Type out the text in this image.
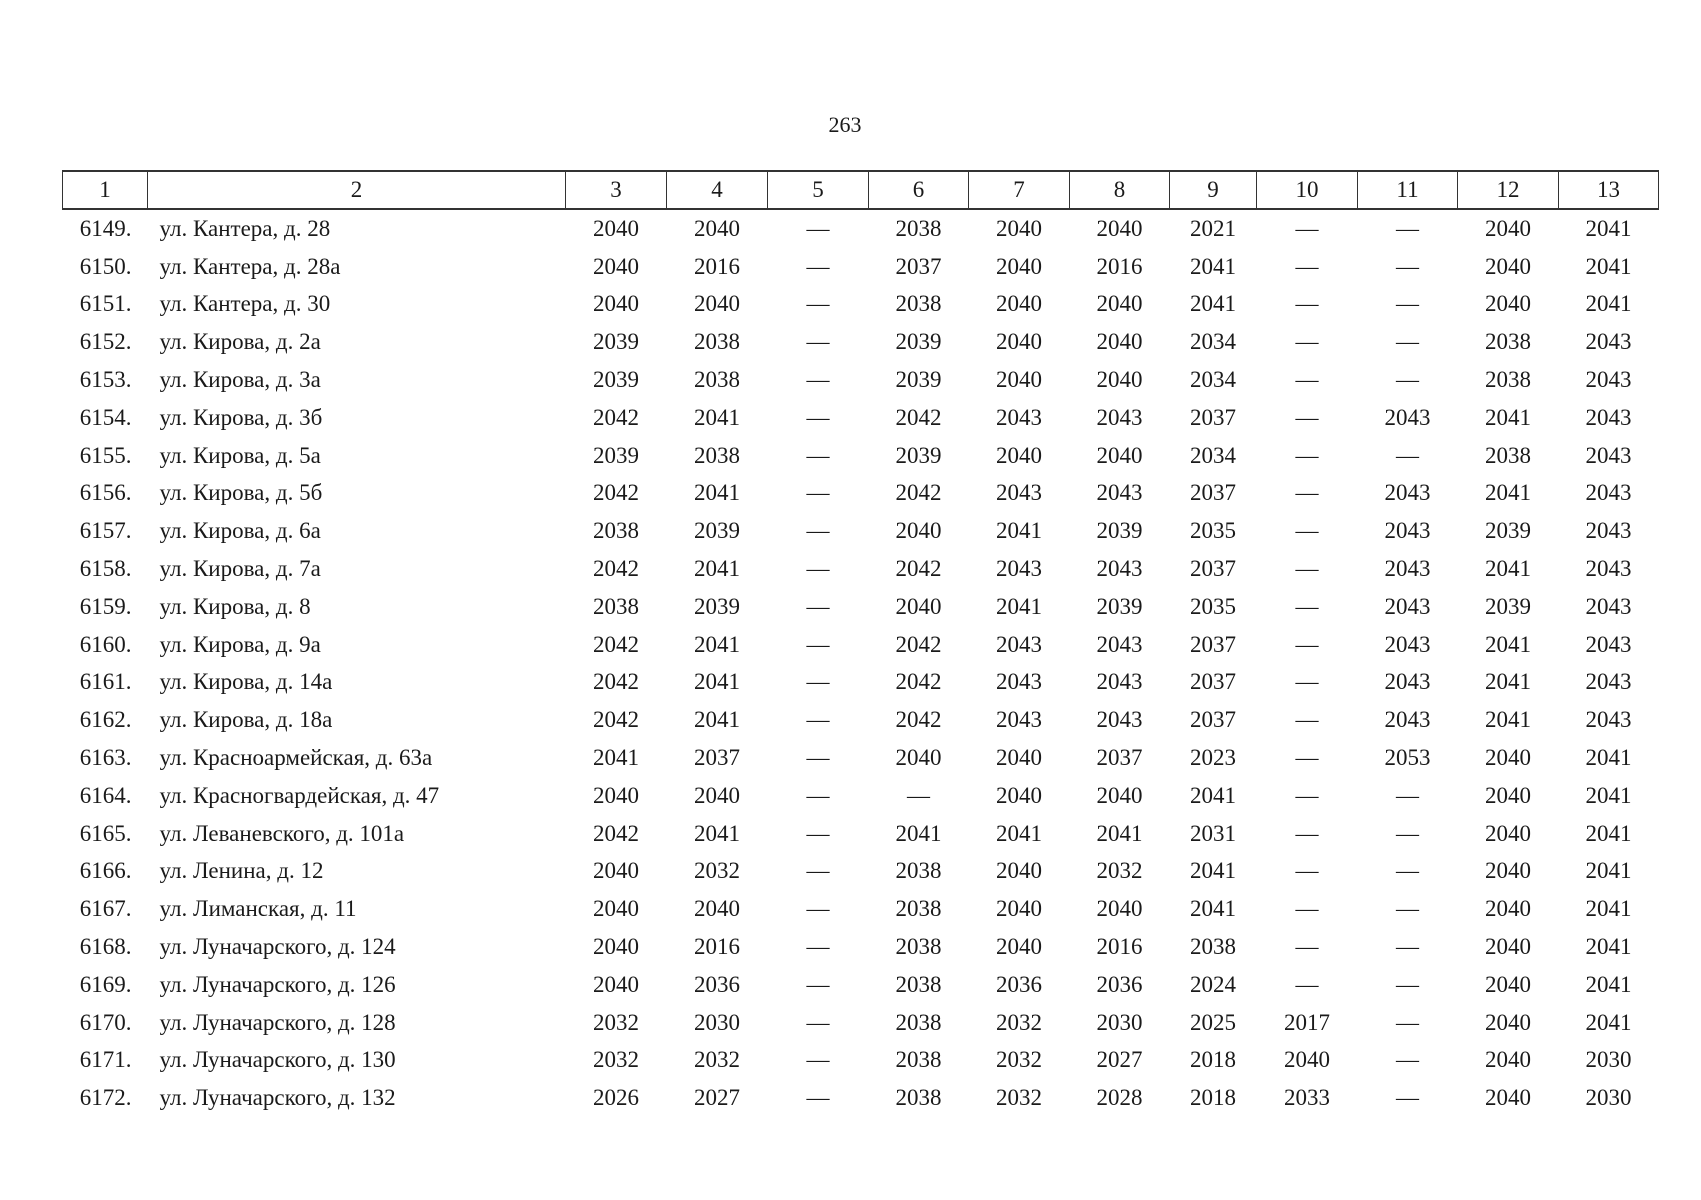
263
1	2	3	4	5	6	7	8	9	10	11	12	13
6149.	ул. Кантера, д. 28	2040	2040	—	2038	2040	2040	2021	—	—	2040	2041
6150.	ул. Кантера, д. 28а	2040	2016	—	2037	2040	2016	2041	—	—	2040	2041
6151.	ул. Кантера, д. 30	2040	2040	—	2038	2040	2040	2041	—	—	2040	2041
6152.	ул. Кирова, д. 2а	2039	2038	—	2039	2040	2040	2034	—	—	2038	2043
6153.	ул. Кирова, д. 3а	2039	2038	—	2039	2040	2040	2034	—	—	2038	2043
6154.	ул. Кирова, д. 3б	2042	2041	—	2042	2043	2043	2037	—	2043	2041	2043
6155.	ул. Кирова, д. 5а	2039	2038	—	2039	2040	2040	2034	—	—	2038	2043
6156.	ул. Кирова, д. 5б	2042	2041	—	2042	2043	2043	2037	—	2043	2041	2043
6157.	ул. Кирова, д. 6а	2038	2039	—	2040	2041	2039	2035	—	2043	2039	2043
6158.	ул. Кирова, д. 7а	2042	2041	—	2042	2043	2043	2037	—	2043	2041	2043
6159.	ул. Кирова, д. 8	2038	2039	—	2040	2041	2039	2035	—	2043	2039	2043
6160.	ул. Кирова, д. 9а	2042	2041	—	2042	2043	2043	2037	—	2043	2041	2043
6161.	ул. Кирова, д. 14а	2042	2041	—	2042	2043	2043	2037	—	2043	2041	2043
6162.	ул. Кирова, д. 18а	2042	2041	—	2042	2043	2043	2037	—	2043	2041	2043
6163.	ул. Красноармейская, д. 63а	2041	2037	—	2040	2040	2037	2023	—	2053	2040	2041
6164.	ул. Красногвардейская, д. 47	2040	2040	—	—	2040	2040	2041	—	—	2040	2041
6165.	ул. Леваневского, д. 101а	2042	2041	—	2041	2041	2041	2031	—	—	2040	2041
6166.	ул. Ленина, д. 12	2040	2032	—	2038	2040	2032	2041	—	—	2040	2041
6167.	ул. Лиманская, д. 11	2040	2040	—	2038	2040	2040	2041	—	—	2040	2041
6168.	ул. Луначарского, д. 124	2040	2016	—	2038	2040	2016	2038	—	—	2040	2041
6169.	ул. Луначарского, д. 126	2040	2036	—	2038	2036	2036	2024	—	—	2040	2041
6170.	ул. Луначарского, д. 128	2032	2030	—	2038	2032	2030	2025	2017	—	2040	2041
6171.	ул. Луначарского, д. 130	2032	2032	—	2038	2032	2027	2018	2040	—	2040	2030
6172.	ул. Луначарского, д. 132	2026	2027	—	2038	2032	2028	2018	2033	—	2040	2030
